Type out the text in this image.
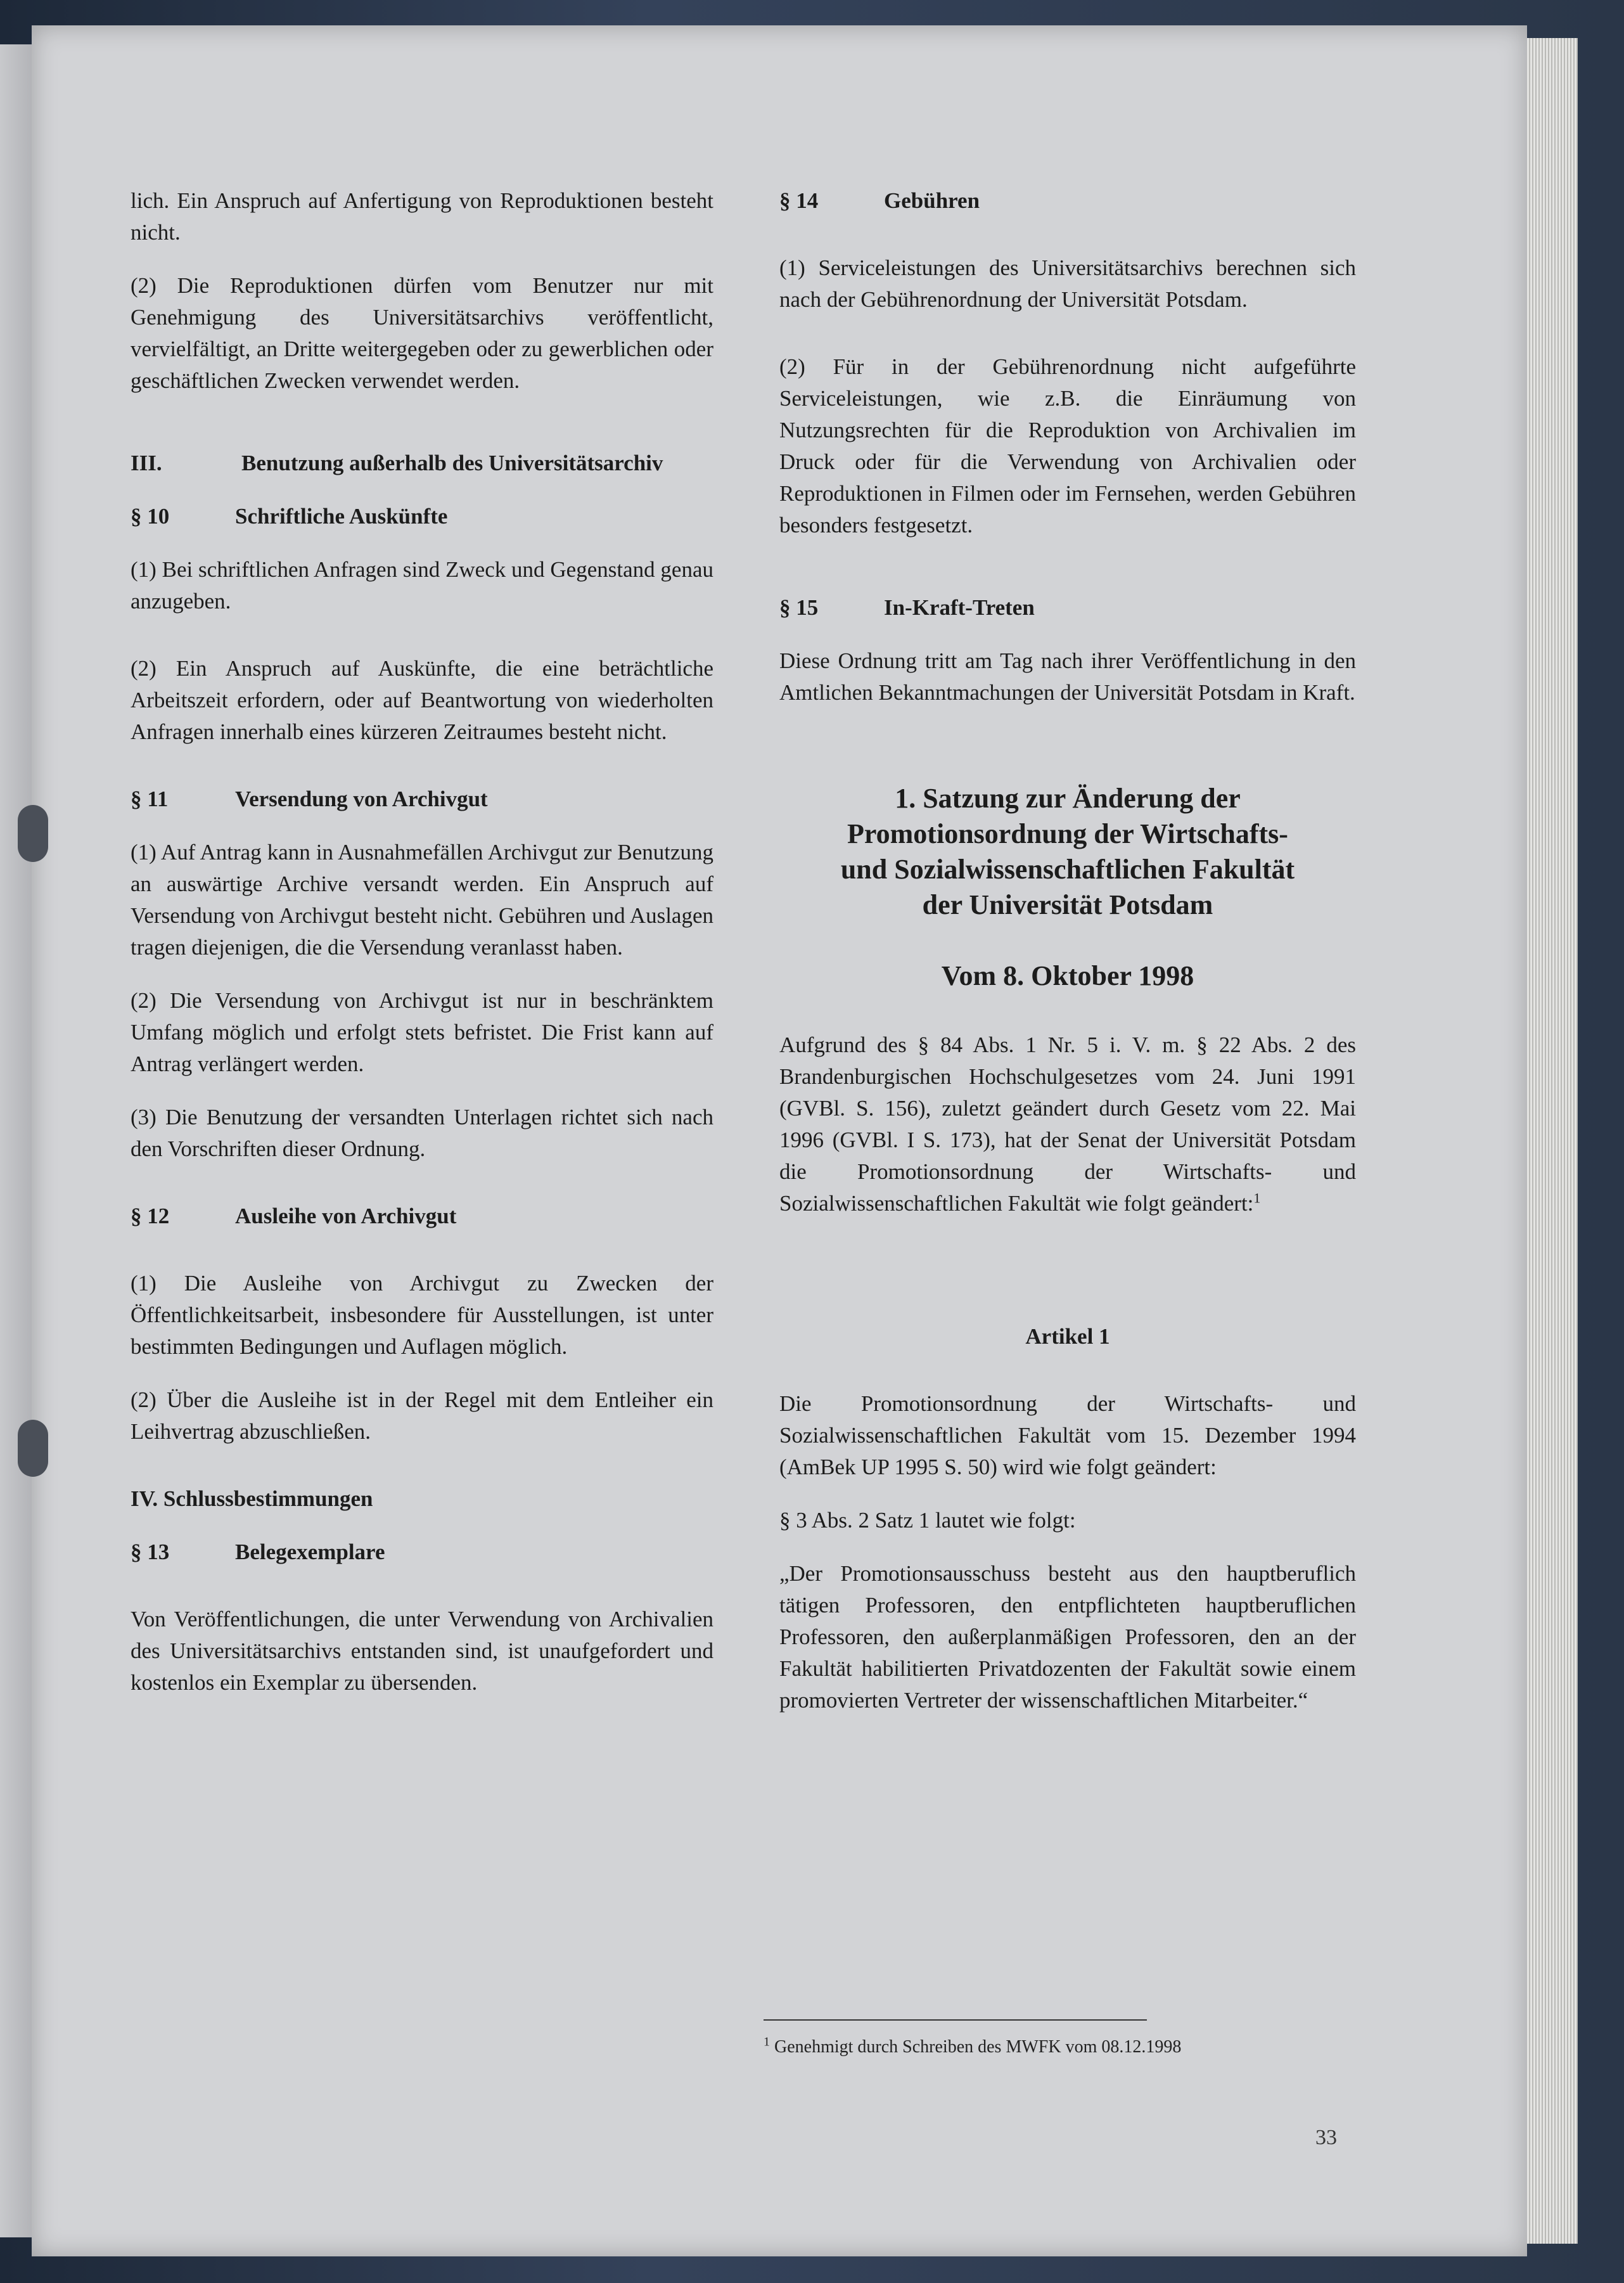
lich. Ein Anspruch auf Anfertigung von Reproduktionen besteht nicht.

(2) Die Reproduktionen dürfen vom Benutzer nur mit Genehmigung des Universitätsarchivs veröffentlicht, vervielfältigt, an Dritte weitergegeben oder zu gewerblichen oder geschäftlichen Zwecken verwendet werden.

III.	Benutzung außerhalb des Universitätsarchiv
§ 10	Schriftliche Auskünfte

(1) Bei schriftlichen Anfragen sind Zweck und Gegenstand genau anzugeben.

(2) Ein Anspruch auf Auskünfte, die eine beträchtliche Arbeitszeit erfordern, oder auf Beantwortung von wiederholten Anfragen innerhalb eines kürzeren Zeitraumes besteht nicht.

§ 11	Versendung von Archivgut

(1) Auf Antrag kann in Ausnahmefällen Archivgut zur Benutzung an auswärtige Archive versandt werden. Ein Anspruch auf Versendung von Archivgut besteht nicht. Gebühren und Auslagen tragen diejenigen, die die Versendung veranlasst haben.

(2) Die Versendung von Archivgut ist nur in beschränktem Umfang möglich und erfolgt stets befristet. Die Frist kann auf Antrag verlängert werden.

(3) Die Benutzung der versandten Unterlagen richtet sich nach den Vorschriften dieser Ordnung.

§ 12	Ausleihe von Archivgut

(1) Die Ausleihe von Archivgut zu Zwecken der Öffentlichkeitsarbeit, insbesondere für Ausstellungen, ist unter bestimmten Bedingungen und Auflagen möglich.

(2) Über die Ausleihe ist in der Regel mit dem Entleiher ein Leihvertrag abzuschließen.

IV. Schlussbestimmungen
§ 13	Belegexemplare

Von Veröffentlichungen, die unter Verwendung von Archivalien des Universitätsarchivs entstanden sind, ist unaufgefordert und kostenlos ein Exemplar zu übersenden.

§ 14	Gebühren

(1) Serviceleistungen des Universitätsarchivs berechnen sich nach der Gebührenordnung der Universität Potsdam.

(2) Für in der Gebührenordnung nicht aufgeführte Serviceleistungen, wie z.B. die Einräumung von Nutzungsrechten für die Reproduktion von Archivalien im Druck oder für die Verwendung von Archivalien oder Reproduktionen in Filmen oder im Fernsehen, werden Gebühren besonders festgesetzt.

§ 15	In-Kraft-Treten

Diese Ordnung tritt am Tag nach ihrer Veröffentlichung in den Amtlichen Bekanntmachungen der Universität Potsdam in Kraft.

1. Satzung zur Änderung der
Promotionsordnung der Wirtschafts-
und Sozialwissenschaftlichen Fakultät
der Universität Potsdam
Vom 8. Oktober 1998

Aufgrund des § 84 Abs. 1 Nr. 5 i. V. m. § 22 Abs. 2 des Brandenburgischen Hochschulgesetzes vom 24. Juni 1991 (GVBl. S. 156), zuletzt geändert durch Gesetz vom 22. Mai 1996 (GVBl. I S. 173), hat der Senat der Universität Potsdam die Promotionsordnung der Wirtschafts- und Sozialwissenschaftlichen Fakultät wie folgt geändert:$^1$

Artikel 1

Die Promotionsordnung der Wirtschafts- und Sozialwissenschaftlichen Fakultät vom 15. Dezember 1994 (AmBek UP 1995 S. 50) wird wie folgt geändert:

§ 3 Abs. 2 Satz 1 lautet wie folgt:

„Der Promotionsausschuss besteht aus den hauptberuflich tätigen Professoren, den entpflichteten hauptberuflichen Professoren, den außerplanmäßigen Professoren, den an der Fakultät habilitierten Privatdozenten der Fakultät sowie einem promovierten Vertreter der wissenschaftlichen Mitarbeiter.“

$^1$ Genehmigt durch Schreiben des MWFK vom 08.12.1998
33
